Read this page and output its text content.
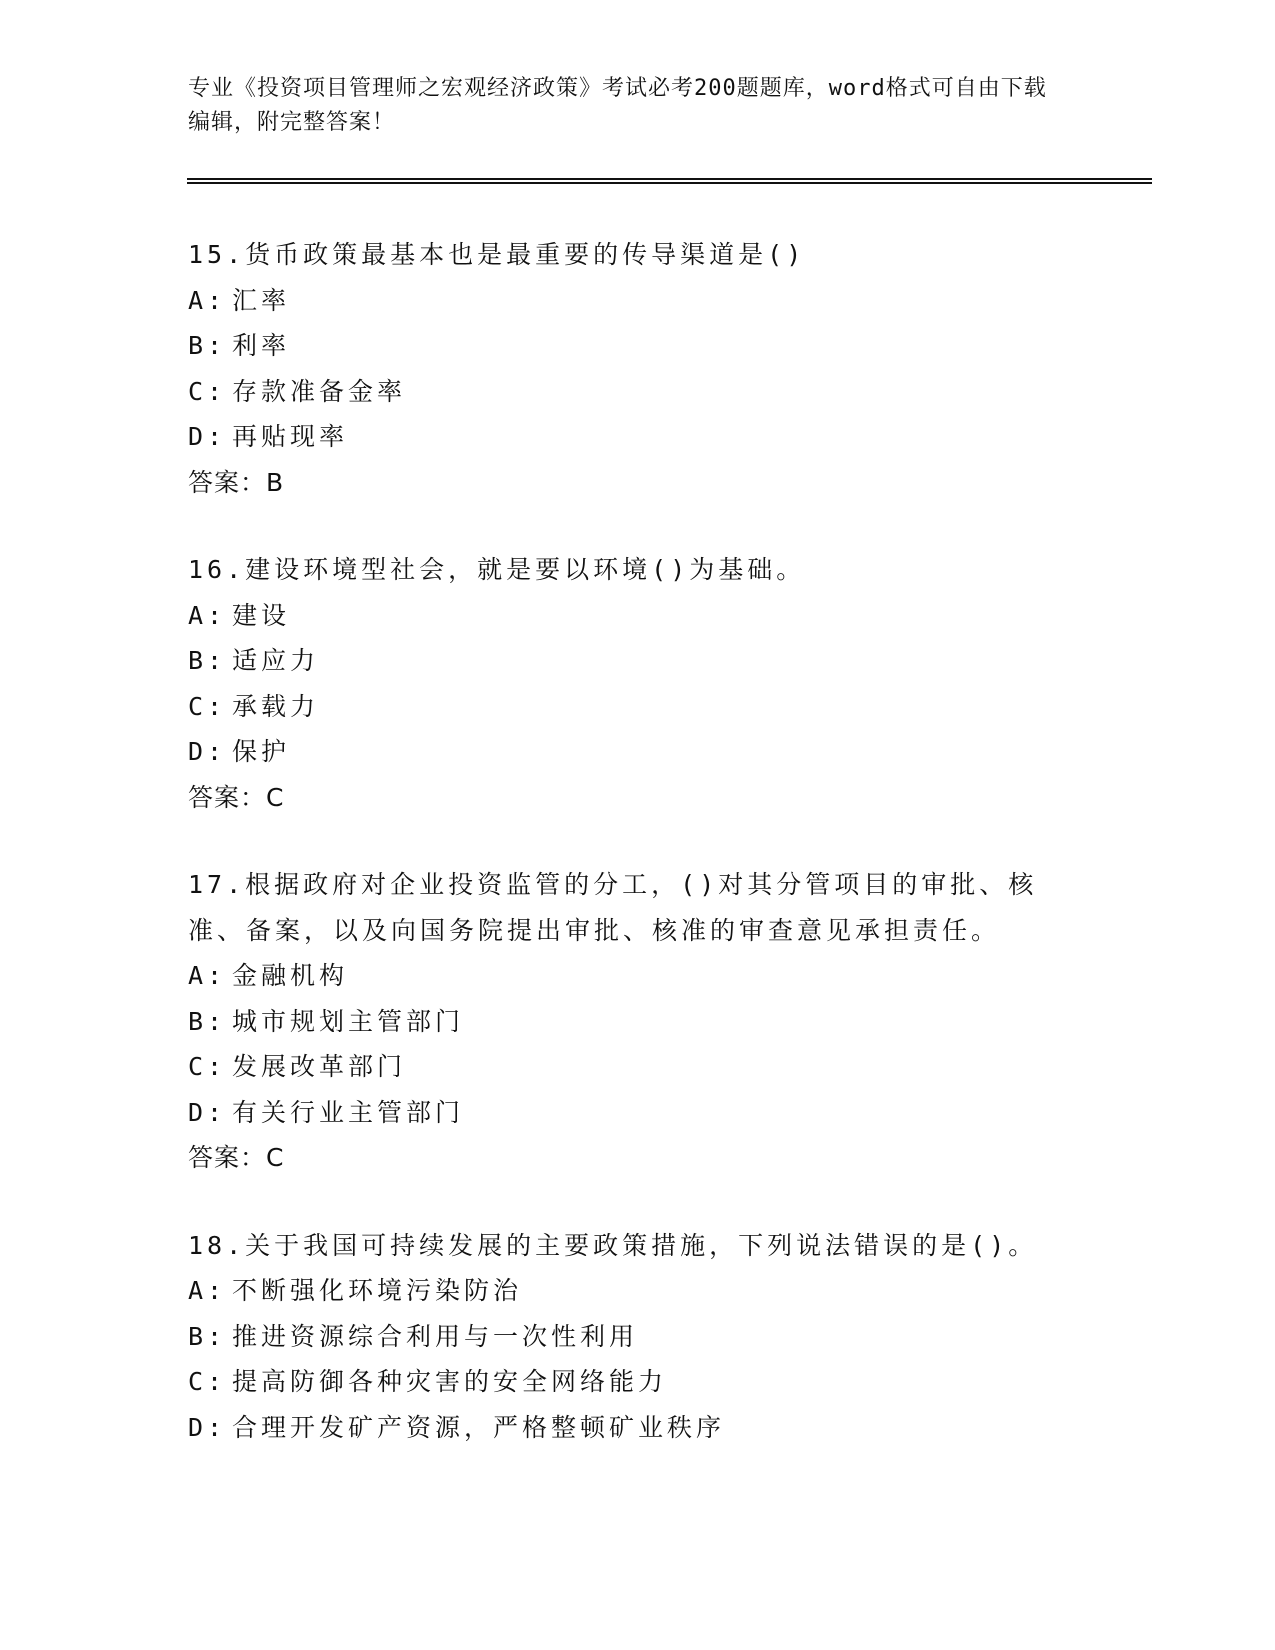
专业《投资项目管理师之宏观经济政策》考试必考200题题库，word格式可自由下载编辑，附完整答案！
15.货币政策最基本也是最重要的传导渠道是()
A: 汇率
B: 利率
C: 存款准备金率
D: 再贴现率
答案：B
16.建设环境型社会，就是要以环境()为基础。
A: 建设
B: 适应力
C: 承载力
D: 保护
答案：C
17.根据政府对企业投资监管的分工，()对其分管项目的审批、核准、备案，以及向国务院提出审批、核准的审查意见承担责任。
A: 金融机构
B: 城市规划主管部门
C: 发展改革部门
D: 有关行业主管部门
答案：C
18.关于我国可持续发展的主要政策措施，下列说法错误的是()。
A: 不断强化环境污染防治
B: 推进资源综合利用与一次性利用
C: 提高防御各种灾害的安全网络能力
D: 合理开发矿产资源，严格整顿矿业秩序
